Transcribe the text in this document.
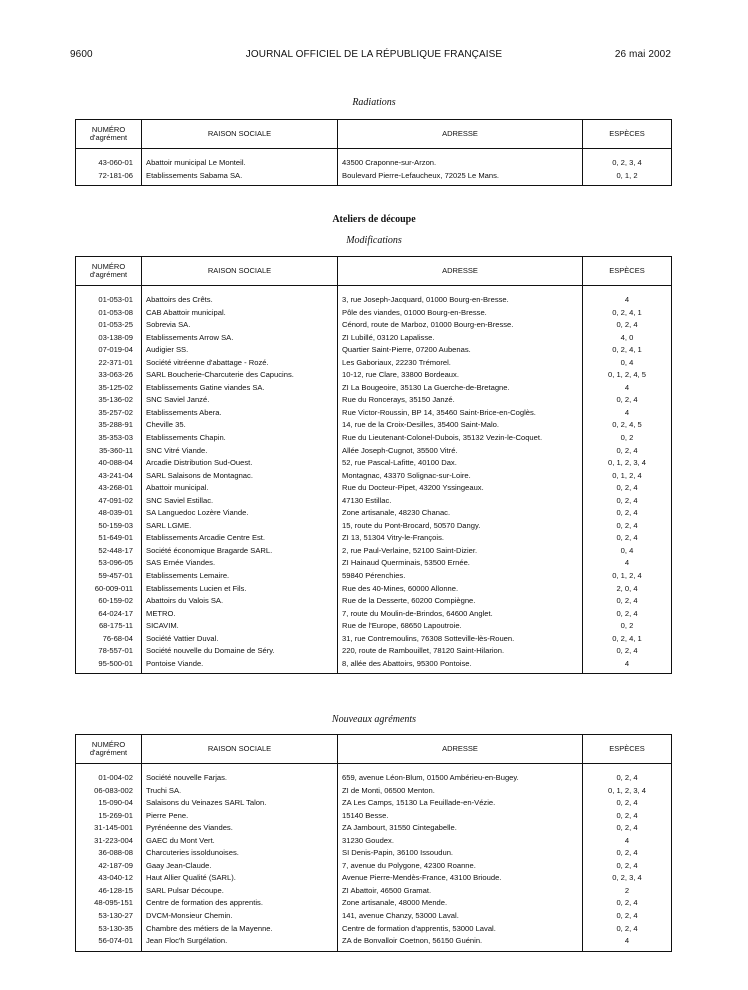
9600	JOURNAL OFFICIEL DE LA RÉPUBLIQUE FRANÇAISE	26 mai 2002
Radiations
NUMÉRO
d'agrément	RAISON SOCIALE	ADRESSE	ESPÈCES

43-060-01	Abattoir municipal Le Monteil.	43500 Craponne-sur-Arzon.	0, 2, 3, 4
72-181-06	Etablissements Sabama SA.	Boulevard Pierre-Lefaucheux, 72025 Le Mans.	0, 1, 2

Ateliers de découpe
Modifications
NUMÉRO
d'agrément	RAISON SOCIALE	ADRESSE	ESPÈCES

01-053-01	Abattoirs des Crêts.	3, rue Joseph-Jacquard, 01000 Bourg-en-Bresse.	4
01-053-08	CAB Abattoir municipal.	Pôle des viandes, 01000 Bourg-en-Bresse.	0, 2, 4, 1
01-053-25	Sobrevia SA.	Cénord, route de Marboz, 01000 Bourg-en-Bresse.	0, 2, 4
03-138-09	Etablissements Arrow SA.	ZI Lubillé, 03120 Lapalisse.	4, 0
07-019-04	Audigier SS.	Quartier Saint-Pierre, 07200 Aubenas.	0, 2, 4, 1
22-371-01	Société vitréenne d'abattage - Rozé.	Les Gaboriaux, 22230 Trémorel.	0, 4
33-063-26	SARL Boucherie-Charcuterie des Capucins.	10-12, rue Clare, 33800 Bordeaux.	0, 1, 2, 4, 5
35-125-02	Etablissements Gatine viandes SA.	ZI La Bougeoire, 35130 La Guerche-de-Bretagne.	4
35-136-02	SNC Saviel Janzé.	Rue du Roncerays, 35150 Janzé.	0, 2, 4
35-257-02	Etablissements Abera.	Rue Victor-Roussin, BP 14, 35460 Saint-Brice-en-Coglès.	4
35-288-91	Cheville 35.	14, rue de la Croix-Desilles, 35400 Saint-Malo.	0, 2, 4, 5
35-353-03	Etablissements Chapin.	Rue du Lieutenant-Colonel-Dubois, 35132 Vezin-le-Coquet.	0, 2
35-360-11	SNC Vitré Viande.	Allée Joseph-Cugnot, 35500 Vitré.	0, 2, 4
40-088-04	Arcadie Distribution Sud-Ouest.	52, rue Pascal-Lafitte, 40100 Dax.	0, 1, 2, 3, 4
43-241-04	SARL Salaisons de Montagnac.	Montagnac, 43370 Solignac-sur-Loire.	0, 1, 2, 4
43-268-01	Abattoir municipal.	Rue du Docteur-Pipet, 43200 Yssingeaux.	0, 2, 4
47-091-02	SNC Saviel Estillac.	47130 Estillac.	0, 2, 4
48-039-01	SA Languedoc Lozère Viande.	Zone artisanale, 48230 Chanac.	0, 2, 4
50-159-03	SARL LGME.	15, route du Pont-Brocard, 50570 Dangy.	0, 2, 4
51-649-01	Etablissements Arcadie Centre Est.	ZI 13, 51304 Vitry-le-François.	0, 2, 4
52-448-17	Société économique Bragarde SARL.	2, rue Paul-Verlaine, 52100 Saint-Dizier.	0, 4
53-096-05	SAS Ernée Viandes.	ZI Hainaud Querminais, 53500 Ernée.	4
59-457-01	Etablissements Lemaire.	59840 Pérenchies.	0, 1, 2, 4
60-009-011	Etablissements Lucien et Fils.	Rue des 40-Mines, 60000 Allonne.	2, 0, 4
60-159-02	Abattoirs du Valois SA.	Rue de la Desserte, 60200 Compiègne.	0, 2, 4
64-024-17	METRO.	7, route du Moulin-de-Brindos, 64600 Anglet.	0, 2, 4
68-175-11	SICAVIM.	Rue de l'Europe, 68650 Lapoutroie.	0, 2
76-68-04	Société Vattier Duval.	31, rue Contremoulins, 76308 Sotteville-lès-Rouen.	0, 2, 4, 1
78-557-01	Société nouvelle du Domaine de Séry.	220, route de Rambouillet, 78120 Saint-Hilarion.	0, 2, 4
95-500-01	Pontoise Viande.	8, allée des Abattoirs, 95300 Pontoise.	4

Nouveaux agréments
NUMÉRO
d'agrément	RAISON SOCIALE	ADRESSE	ESPÈCES

01-004-02	Société nouvelle Farjas.	659, avenue Léon-Blum, 01500 Ambérieu-en-Bugey.	0, 2, 4
06-083-002	Truchi SA.	ZI de Monti, 06500 Menton.	0, 1, 2, 3, 4
15-090-04	Salaisons du Veinazes SARL Talon.	ZA Les Camps, 15130 La Feuillade-en-Vézie.	0, 2, 4
15-269-01	Pierre Pene.	15140 Besse.	0, 2, 4
31-145-001	Pyrénéenne des Viandes.	ZA Jambourt, 31550 Cintegabelle.	0, 2, 4
31-223-004	GAEC du Mont Vert.	31230 Goudex.	4
36-088-08	Charcuteries issoldunoises.	SI Denis-Papin, 36100 Issoudun.	0, 2, 4
42-187-09	Gaay Jean-Claude.	7, avenue du Polygone, 42300 Roanne.	0, 2, 4
43-040-12	Haut Allier Qualité (SARL).	Avenue Pierre-Mendès-France, 43100 Brioude.	0, 2, 3, 4
46-128-15	SARL Pulsar Découpe.	ZI Abattoir, 46500 Gramat.	2
48-095-151	Centre de formation des apprentis.	Zone artisanale, 48000 Mende.	0, 2, 4
53-130-27	DVCM-Monsieur Chemin.	141, avenue Chanzy, 53000 Laval.	0, 2, 4
53-130-35	Chambre des métiers de la Mayenne.	Centre de formation d'apprentis, 53000 Laval.	0, 2, 4
56-074-01	Jean Floc'h Surgélation.	ZA de Bonvalloir Coetnon, 56150 Guénin.	4
